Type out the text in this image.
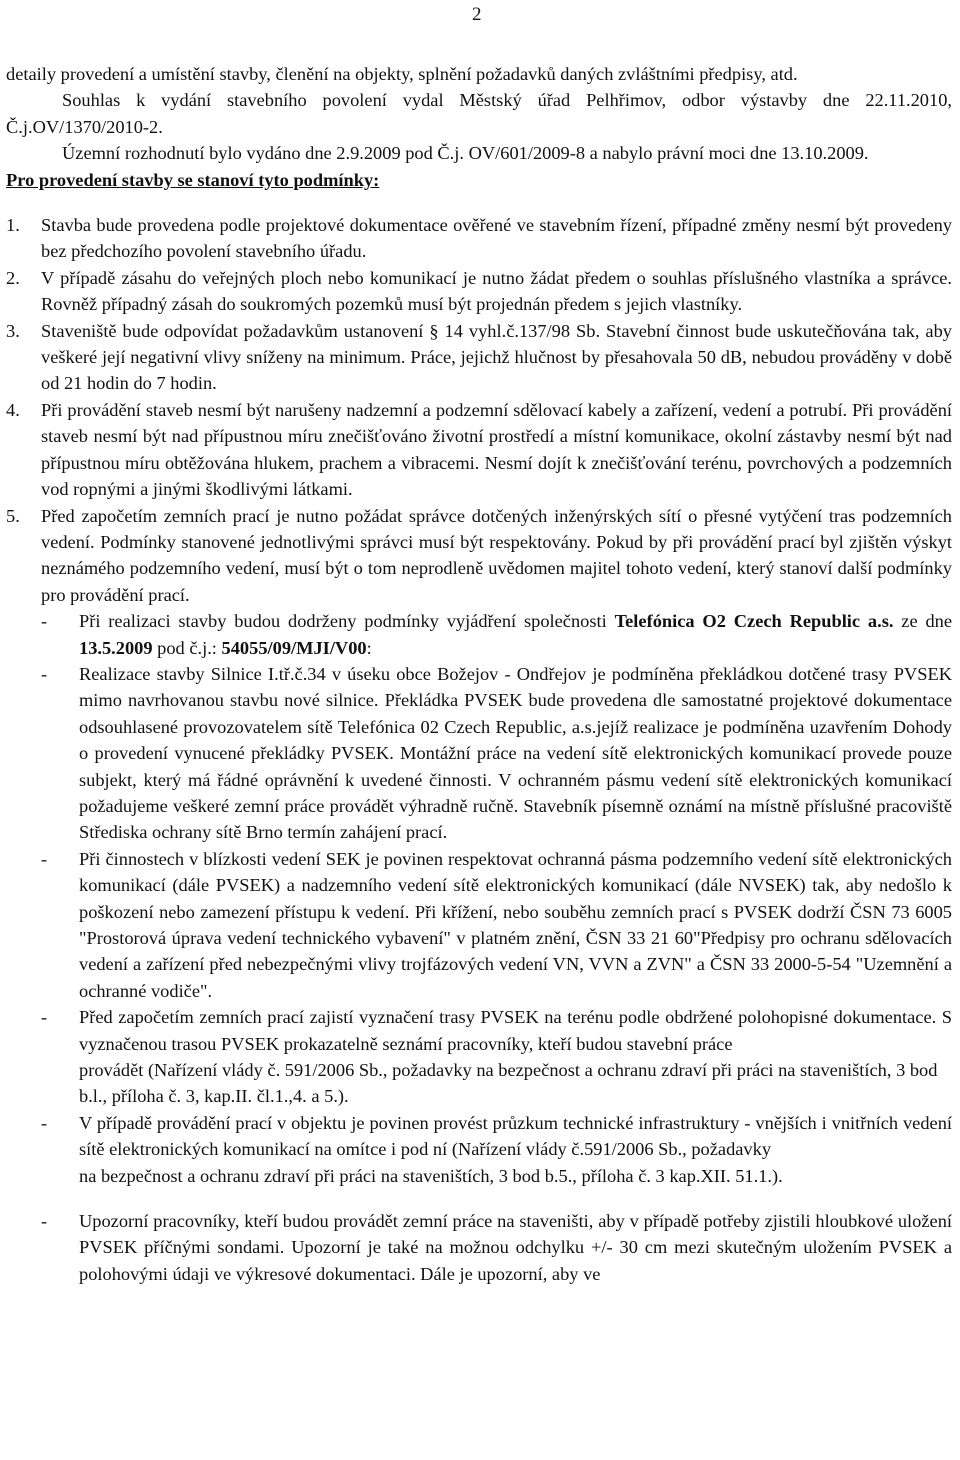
2

detaily provedení a umístění stavby, členění na objekty, splnění požadavků daných zvláštními předpisy, atd.

Souhlas k vydání stavebního povolení vydal Městský úřad Pelhřimov, odbor výstavby dne 22.11.2010, Č.j.OV/1370/2010-2.

Územní rozhodnutí bylo vydáno dne 2.9.2009 pod Č.j. OV/601/2009-8 a nabylo právní moci dne 13.10.2009.

Pro provedení stavby se stanoví tyto podmínky:

1. Stavba bude provedena podle projektové dokumentace ověřené ve stavebním řízení, případné změny nesmí být provedeny bez předchozího povolení stavebního úřadu.
2. V případě zásahu do veřejných ploch nebo komunikací je nutno žádat předem o souhlas příslušného vlastníka a správce. Rovněž případný zásah do soukromých pozemků musí být projednán předem s jejich vlastníky.
3. Staveniště bude odpovídat požadavkům ustanovení § 14 vyhl.č.137/98 Sb. Stavební činnost bude uskutečňována tak, aby veškeré její negativní vlivy sníženy na minimum. Práce, jejichž hlučnost by přesahovala 50 dB, nebudou prováděny v době od 21 hodin do 7 hodin.
4. Při provádění staveb nesmí být narušeny nadzemní a podzemní sdělovací kabely a zařízení, vedení a potrubí. Při provádění staveb nesmí být nad přípustnou míru znečišťováno životní prostředí a místní komunikace, okolní zástavby nesmí být nad přípustnou míru obtěžována hlukem, prachem a vibracemi. Nesmí dojít k znečišťování terénu, povrchových a podzemních vod ropnými a jinými škodlivými látkami.
5. Před započetím zemních prací je nutno požádat správce dotčených inženýrských sítí o přesné vytýčení tras podzemních vedení. Podmínky stanovené jednotlivými správci musí být respektovány. Pokud by při provádění prací byl zjištěn výskyt neznámého podzemního vedení, musí být o tom neprodleně uvědomen majitel tohoto vedení, který stanoví další podmínky pro provádění prací.
- Při realizaci stavby budou dodrženy podmínky vyjádření společnosti Telefónica O2 Czech Republic a.s. ze dne 13.5.2009 pod č.j.: 54055/09/MJI/V00:
- Realizace stavby Silnice I.tř.č.34 v úseku obce Božejov - Ondřejov je podmíněna překládkou dotčené trasy PVSEK mimo navrhovanou stavbu nové silnice. Překládka PVSEK bude provedena dle samostatné projektové dokumentace odsouhlasené provozovatelem sítě Telefónica 02 Czech Republic, a.s.jejíž realizace je podmíněna uzavřením Dohody o provedení vynucené překládky PVSEK. Montážní práce na vedení sítě elektronických komunikací provede pouze subjekt, který má řádné oprávnění k uvedené činnosti. V ochranném pásmu vedení sítě elektronických komunikací požadujeme veškeré zemní práce provádět výhradně ručně. Stavebník písemně oznámí na místně příslušné pracoviště Střediska ochrany sítě Brno termín zahájení prací.
- Při činnostech v blízkosti vedení SEK je povinen respektovat ochranná pásma podzemního vedení sítě elektronických komunikací (dále PVSEK) a nadzemního vedení sítě elektronických komunikací (dále NVSEK) tak, aby nedošlo k poškození nebo zamezení přístupu k vedení. Při křížení, nebo souběhu zemních prací s PVSEK dodrží ČSN 73 6005 "Prostorová úprava vedení technického vybavení" v platném znění, ČSN 33 21 60"Předpisy pro ochranu sdělovacích vedení a zařízení před nebezpečnými vlivy trojfázových vedení VN, VVN a ZVN" a ČSN 33 2000-5-54 "Uzemnění a ochranné vodiče".
- Před započetím zemních prací zajistí vyznačení trasy PVSEK na terénu podle obdržené polohopisné dokumentace. S vyznačenou trasou PVSEK prokazatelně seznámí pracovníky, kteří budou stavební práce

provádět (Nařízení vlády č. 591/2006 Sb., požadavky na bezpečnost a ochranu zdraví při práci na staveništích, 3 bod b.l., příloha č. 3, kap.II. čl.1.,4. a 5.).

- V případě provádění prací v objektu je povinen provést průzkum technické infrastruktury - vnějších i vnitřních vedení sítě elektronických komunikací na omítce i pod ní (Nařízení vlády č.591/2006 Sb., požadavky

na bezpečnost a ochranu zdraví při práci na staveništích, 3 bod b.5., příloha č. 3 kap.XII. 51.1.).

- Upozorní pracovníky, kteří budou provádět zemní práce na staveništi, aby v případě potřeby zjistili hloubkové uložení PVSEK příčnými sondami. Upozorní je také na možnou odchylku +/- 30 cm mezi skutečným uložením PVSEK a polohovými údaji ve výkresové dokumentaci. Dále je upozorní, aby ve
